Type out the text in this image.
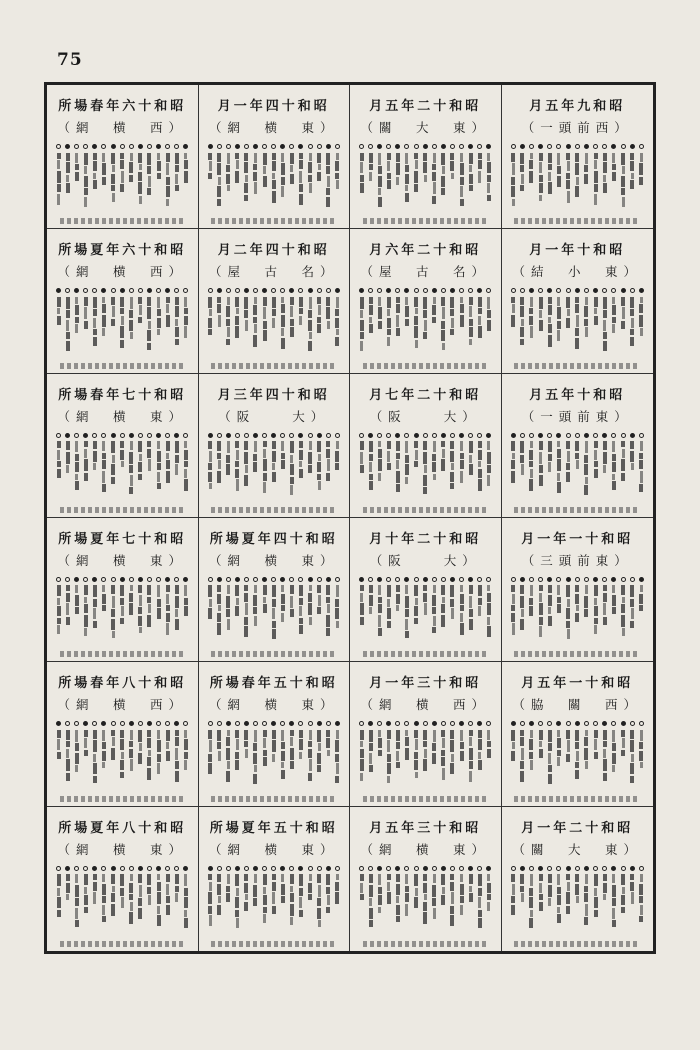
75
所場春年六十和昭
（網　横　西）
月一年四十和昭
（網　横　東）
月五年二十和昭
（關　大　東）
月五年九和昭
（一頭前西）
所場夏年六十和昭
（網　横　西）
月二年四十和昭
（屋　古　名）
月六年二十和昭
（屋　古　名）
月一年十和昭
（結　小　東）
所場春年七十和昭
（網　横　東）
月三年四十和昭
（阪　　大）
月七年二十和昭
（阪　　大）
月五年十和昭
（一頭前東）
所場夏年七十和昭
（網　横　東）
所場夏年四十和昭
（網　横　東）
月十年二十和昭
（阪　　大）
月一年一十和昭
（三頭前東）
所場春年八十和昭
（網　横　西）
所場春年五十和昭
（網　横　東）
月一年三十和昭
（網　横　西）
月五年一十和昭
（脇　關　西）
所場夏年八十和昭
（網　横　東）
所場夏年五十和昭
（網　横　東）
月五年三十和昭
（網　横　東）
月一年二十和昭
（關　大　東）
